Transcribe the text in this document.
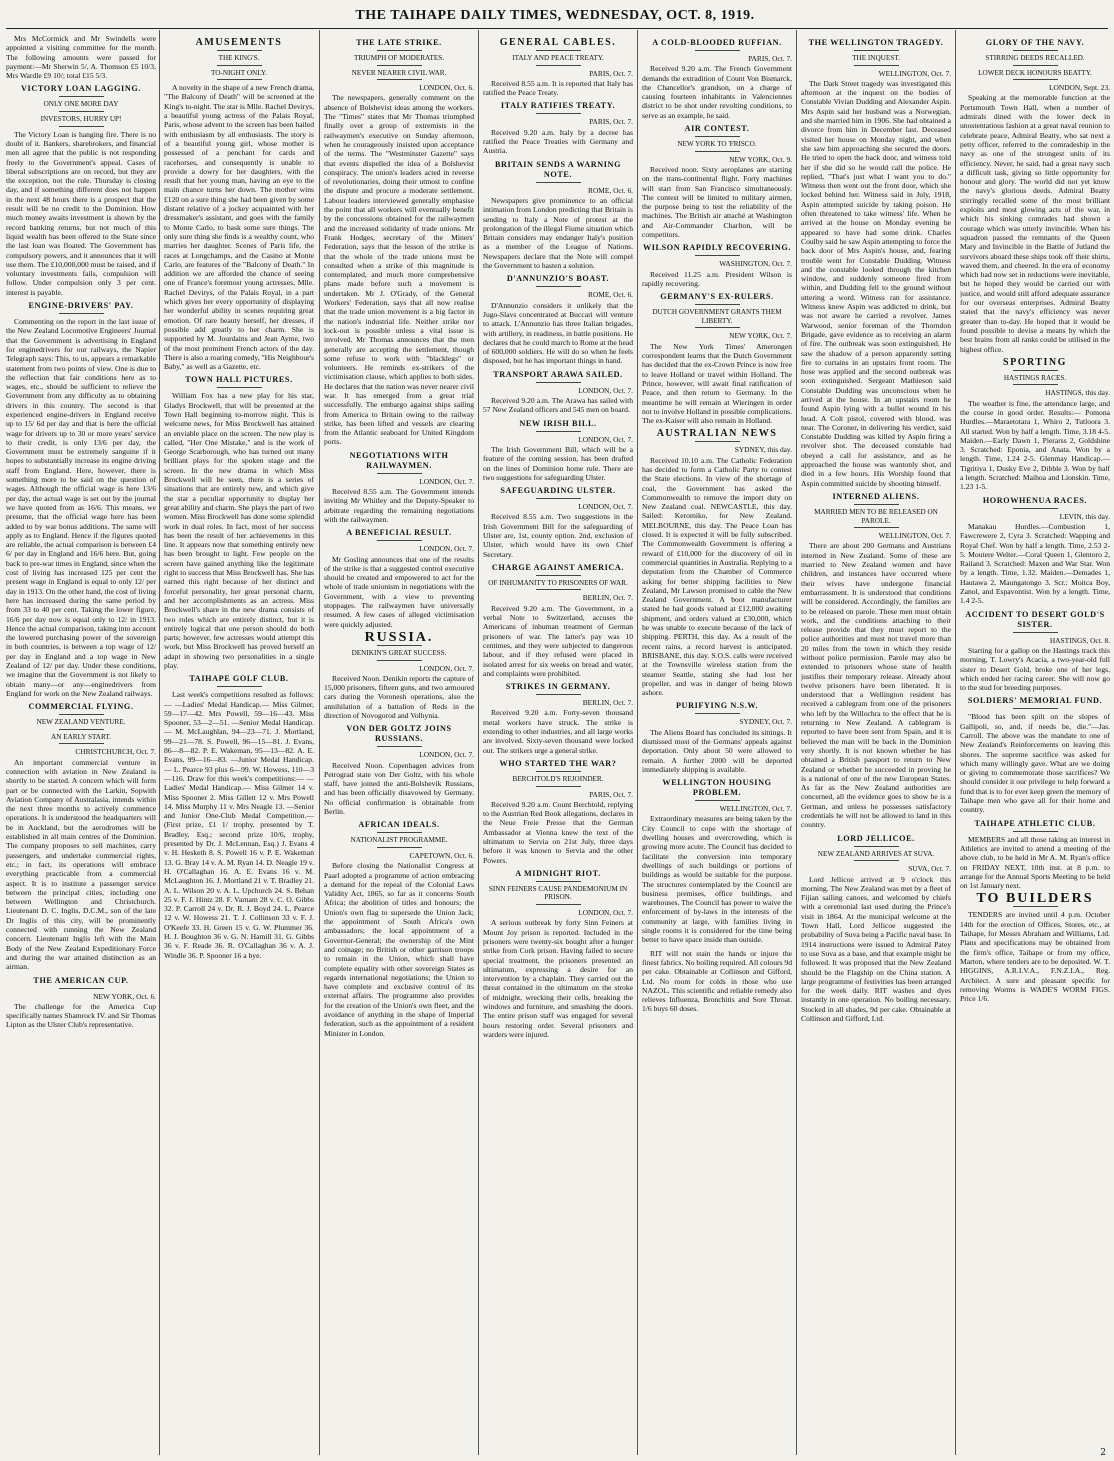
THE TAIHAPE DAILY TIMES, WEDNESDAY, OCT. 8, 1919.

Mrs McCormick and Mr Swindells were appointed a visiting committee for the month. The following amounts were passed for payment:—Mr Sherwin 5/, A. Thomson £5 10/3, Mrs Wardle £9 10/; total £15 5/3.

VICTORY LOAN LAGGING.
ONLY ONE MORE DAY
INVESTORS, HURRY UP!

The Victory Loan is hanging fire. There is no doubt of it. Bankers, sharebrokers, and financial men all agree that the public is not responding freely to the Government's appeal. Cases of liberal subscriptions are on record, but they are the exception, not the rule. Thursday is closing day, and if something different does not happen in the next 48 hours there is a prospect that the result will be no credit to the Dominion. How much money awaits investment is shown by the record banking returns, but not much of this liquid wealth has been offered to the State since the last loan was floated. The Government has compulsory powers, and it announces that it will use them. The £10,000,000 must be raised, and if voluntary investments fails, compulsion will follow. Under compulsion only 3 per cent. interest is payable.

ENGINE-DRIVERS' PAY.

Commenting on the report in the last issue of the New Zealand Locomotive Engineers' Journal that the Government is advertising in England for enginedrivers for our railways, the Napier Telegraph says: This, to us, appears a remarkable statement from two points of view. One is due to the reflection that fair conditions here as to wages, etc., should be sufficient to relieve the Government from any difficulty as to obtaining drivers in this country. The second is that experienced engine-drivers in England receive up to 15/ 6d per day and that is here the official wage for drivers up to 30 or more years' service to their credit, is only 13/6 per day, the Government must be extremely sanguine if it hopes to substantially increase its engine driving staff from England. Here, however, there is something more to be said on the question of wages. Although the official wage is here 13/6 per day, the actual wage is set out by the journal we have quoted from as 16/6. This means, we presume, that the official wage here has been added to by war bonus additions. The same will apply as to England. Hence if the figures quoted are reliable, the actual comparison is between £4 6/ per day in England and 16/6 here. But, going back to pre-war times in England, since when the cost of living has increased 125 per cent the present wage in England is equal to only 12/ per day in 1913. On the other hand, the cost of living here has increased during the same period by from 33 to 40 per cent. Taking the lower figure, 16/6 per day now is equal only to 12/ in 1913. Hence the actual comparison, taking into account the lowered purchasing power of the sovereign in both countries, is between a top wage of 12/ per day in England and a top wage in New Zealand of 12/ per day. Under these conditions, we imagine that the Government is not likely to obtain many—or any—enginedrivers from England for work on the New Zealand railways.

COMMERCIAL FLYING.
NEW ZEALAND VENTURE.
AN EARLY START.
CHRISTCHURCH, Oct. 7.

An important commercial venture in connection with aviation in New Zealand is shortly to be started. A concern which will form part or be connected with the Larkin, Sopwith Aviation Company of Australasia, intends within the next three months to actively commence operations. It is understood the headquarters will be in Auckland, but the aerodromes will be established in all main centres of the Dominion. The company proposes to sell machines, carry passengers, and undertake commercial rights, etc.; in fact, its operations will embrace everything practicable from a commercial aspect. It is to institute a passenger service between the principal cities, including one between Wellington and Christchurch. Lieutenant D. C. Inglis, D.C.M., son of the late Dr Inglis of this city, will be prominently connected with running the New Zealand concern. Lieutenant Inglis left with the Main Body of the New Zealand Expeditionary Force and during the war attained distinction as an airman.

THE AMERICAN CUP.
NEW YORK, Oct. 6.

The challenge for the America Cup specifically names Shamrock IV. and Sir Thomas Lipton as the Ulster Club's representative.

AMUSEMENTS
THE KING'S.
TO-NIGHT ONLY.

A novelty in the shape of a new French drama, "The Balcony of Death" will be screened at the King's to-night. The star is Mlle. Rachel Devirys, a beautiful young actress of the Palais Royal, Paris, whose advent to the screen has been hailed with enthusiasm by all enthusiasts. The story is of a beautiful young girl, whose mother is possessed of a penchant for cards and racehorses, and consequently is unable to provide a dowry for her daughters, with the result that her young man, having an eye to the main chance turns her down. The mother wins £120 on a sure thing she had been given by some distant relative of a jockey acquainted with her dressmaker's assistant, and goes with the family to Monte Carlo, to bask some sure things. The only sure thing she finds is a wealthy count, who marries her daughter. Scenes of Paris life, the races at Longchamps, and the Casino at Monte Carlo, are features of the "Balcony of Death." In addition we are afforded the chance of seeing one of France's foremost young actresses, Mlle. Rachel Devirys, of the Palais Royal, in a part which gives her every opportunity of displaying her wonderful ability in scenes requiring great emotion. Of rare beauty herself, her dresses, if possible add greatly to her charm. She is supported by M. Jourdains and Jean Ayme, two of the most prominent French actors of the day. There is also a roaring comedy, "His Neighbour's Baby," as well as a Gazette, etc.

TOWN HALL PICTURES.

William Fox has a new play for his star, Gladys Brockwell, that will be presented at the Town Hall beginning to-morrow night. This is welcome news, for Miss Brockwell has attained an enviable place on the screen. The new play is called, "Her One Mistake," and is the work of George Scarborough, who has turned out many brilliant plays for the spoken stage and the screen. In the new drama in which Miss Brockwell will be seen, there is a series of situations that are entirely new, and which give the star a peculiar opportunity to display her great ability and charm. She plays the part of two women. Miss Brockwell has done some splendid work in dual roles. In fact, most of her success has been the result of her achievements in this line. It appears now that something entirely new has been brought to light. Few people on the screen have gained anything like the legitimate right to success that Miss Brockwell has. She has earned this right because of her distinct and forceful personality, her great personal charm, and her accomplishments as an actress. Miss Brockwell's share in the new drama consists of two roles which are entirely distinct, but it is entirely logical that one person should do both parts; however, few actresses would attempt this work, but Miss Brockwell has proved herself an adapt in showing two personalities in a single play.

TAIHAPE GOLF CLUB.

Last week's competitions resulted as follows:— —Ladies' Medal Handicap.— Miss Gilmer, 59—17—42. Mrs Powell, 59—16—43. Miss Spooner, 53—2—51. —Senior Medal Handicap.— M. McLaughlan, 94—23—71. J. Mortland, 99—21—78. S. Powell, 96—15—81. J. Evans, 86—8—82. P. E. Wakeman, 95—13—82. A. E. Evans, 99—16—83. —Junior Medal Handicap.— L. Pearce 93 plus 6—99. W. Howess, 110—3—116. Draw for this week's competitions:— —Ladies' Medal Handicap.— Miss Gilmer 14 v. Miss Spooner 2. Miss Gillett 12 v. Mrs Powell 14. Miss Murphy 11 v. Mrs Neagle 13. —Senior and Junior One-Club Medal Competition.— (First prize, £1 1/ trophy, presented by T. Bradley, Esq.; second prize 10/6, trophy, presented by Dr. J. McLennan, Esq.) J. Evans 4 v. H. Hesketh 8. S. Powell 16 v. P. E. Wakeman 13. G. Bray 14 v. A. M. Ryan 14. D. Neagle 19 v. H. O'Callaghan 16. A. E. Evans 16 v. M. McLaughton 16. J. Mortland 21 v. T. Bradley 21. A. L. Wilson 20 v. A. L. Upchurch 24. S. Behan 25 v. F. J. Hintz 28. F. Varnam 28 v. C. O. Gibbs 32. P. Carroll 24 v. Dr. R. J. Boyd 24. L. Pearce 12 v. W. Howess 21. T. J. Collinson 33 v. F. J. O'Keefe 33. H. Green 15 v. G. W. Plummer 36. H. J. Boughton 36 v. G. N. Hamill 31. G. Gibbs 36 v. F. Reade 36. R. O'Callaghan 36 v. A. J. Windle 36. P. Spooner 16 a bye.

THE LATE STRIKE.
TRIUMPH OF MODERATES.
NEVER NEARER CIVIL WAR.
LONDON, Oct. 6.

The newspapers, generally comment on the absence of Bolshevist ideas among the workers. The "Times" states that Mr Thomas triumphed finally over a group of extremists in the railwaymen's executive on Sunday afternoon, when he courageously insisted upon acceptance of the terms. The "Westminster Gazette" says that events dispelled the idea of a Bolshevist conspiracy. The union's leaders acted in reverse of revolutionaries, doing their utmost to confine the dispute and procure a moderate settlement. Labour leaders interviewed generally emphasise the point that all workers will eventually benefit by the concessions obtained for the railwaymen and the increased solidarity of trade unions. Mr Frank Hodges, secretary of the Miners' Federation, says that the lesson of the strike is that the whole of the trade unions must be consulted when a strike of this magnitude is contemplated, and much more comprehensive plans made before such a movement is undertaken. Mr J. O'Grady, of the General Workers' Federation, says that all now realise that the trade union movement is a big factor in the nation's industrial life. Neither strike nor lock-out is possible unless a vital issue is involved. Mr Thomas announces that the men generally are accepting the settlement, though some refuse to work with "blacklegs" or volunteers. He reminds ex-strikers of the victimisation clause, which applies to both sides. He declares that the nation was never nearer civil war. It has emerged from a great trial successfully. The embargo against ships sailing from America to Britain owing to the railway strike, has been lifted and vessels are clearing from the Atlantic seaboard for United Kingdom ports.

NEGOTIATIONS WITH RAILWAYMEN.
LONDON, Oct. 7.

Received 8.55 a.m. The Government intends inviting Mr Whitley and the Deputy-Speaker to arbitrate regarding the remaining negotiations with the railwaymen.

A BENEFICIAL RESULT.
LONDON, Oct. 7.

Mr Gosling announces that one of the results of the strike is that a suggested control executive should be created and empowered to act for the whole of trade unionism in negotiations with the Government, with a view to preventing stoppages. The railwaymen have universally resumed. A few cases of alleged victimisation were quickly adjusted.

RUSSIA.
DENIKIN'S GREAT SUCCESS.
LONDON, Oct. 7.

Received Noon. Denikin reports the capture of 15,000 prisoners, fifteen guns, and two armoured cars during the Voronesh operations, also the annihilation of a battalion of Reds in the direction of Novogorod and Volhynia.

VON DER GOLTZ JOINS RUSSIANS.
LONDON, Oct. 7.

Received Noon. Copenhagen advices from Petrograd state von Der Goltz, with his whole staff, have joined the anti-Bolshevik Russians, and has been officially disavowed by Germany. No official confirmation is obtainable from Berlin.

AFRICAN IDEALS.
NATIONALIST PROGRAMME.
CAPETOWN, Oct. 6.

Before closing the Nationalist Congress at Paarl adopted a programme of action embracing a demand for the repeal of the Colonial Laws Validity Act, 1865, so far as it concerns South Africa; the abolition of titles and honours; the Union's own flag to supersede the Union Jack; the appointment of South Africa's own ambassadors; the local appointment of a Governor-General; the ownership of the Mint and coinage; no British or other garrison troops to remain in the Union, which shall have complete equality with other sovereign States as regards international negotiations; the Union to have complete and exclusive control of its external affairs. The programme also provides for the creation of the Union's own fleet, and the avoidance of anything in the shape of Imperial federation, such as the appointment of a resident Minister in London.

GENERAL CABLES.
ITALY AND PEACE TREATY.
PARIS, Oct. 7.

Received 8.55 a.m. It is reported that Italy has ratified the Peace Treaty.

ITALY RATIFIES TREATY.
PARIS, Oct. 7.

Received 9.20 a.m. Italy by a decree has ratified the Peace Treaties with Germany and Austria.

BRITAIN SENDS A WARNING NOTE.
ROME, Oct. 6.

Newspapers give prominence to an official intimation from London predicting that Britain is sending to Italy a Note of protest at the prolongation of the illegal Fiume situation which Britain considers may endanger Italy's position as a member of the League of Nations. Newspapers declare that the Note will compel the Government to hasten a solution.

D'ANNUNZIO'S BOAST.
ROME, Oct. 6.

D'Annunzio considers it unlikely that the Jugo-Slavs concentrated at Buccari will venture to attack. L'Annunzio has three Italian brigades, with artillery, in readiness, in battle positions. He declares that he could march to Rome at the head of 600,000 soldiers. He will do so when he feels disposed, but he has important things in hand.

TRANSPORT ARAWA SAILED.
LONDON, Oct. 7.

Received 9.20 a.m. The Arawa has sailed with 57 New Zealand officers and 545 men on board.

NEW IRISH BILL.
LONDON, Oct. 7.

The Irish Government Bill, which will be a feature of the coming session, has been drafted on the lines of Dominion home rule. There are two suggestions for safeguarding Ulster.

SAFEGUARDING ULSTER.
LONDON, Oct. 7.

Received 8.55 a.m. Two suggestions in the Irish Government Bill for the safeguarding of Ulster are, 1st, county option. 2nd, exclusion of Ulster, which would have its own Chief Secretary.

CHARGE AGAINST AMERICA.
OF INHUMANITY TO PRISONERS OF WAR.
BERLIN, Oct. 7.

Received 9.20 a.m. The Government, in a verbal Note to Switzerland, accuses the Americans of inhuman treatment of German prisoners of war. The latter's pay was 10 centimes, and they were subjected to dangerous labour, and if they refused were placed in isolated arrest for six weeks on bread and water, and complaints were prohibited.

STRIKES IN GERMANY.
BERLIN, Oct. 7.

Received 9.20 a.m. Forty-seven thousand metal workers have struck. The strike is extending to other industries, and all large works are involved. Sixty-seven thousand were locked out. The strikers urge a general strike.

WHO STARTED THE WAR?
BERCHTOLD'S REJOINDER.
PARIS, Oct. 7.

Received 9.20 a.m. Count Berchtold, replying to the Austrian Red Book allegations, declares in the Neue Freie Presse that the German Ambassador at Vienna knew the text of the ultimatum to Servia on 21st July, three days before it was known to Servia and the other Powers.

A MIDNIGHT RIOT.
SINN FEINERS CAUSE PANDEMONIUM IN PRISON.
LONDON, Oct. 7.

A serious outbreak by forty Sinn Feiners at Mount Joy prison is reported. Included in the prisoners were twenty-six bought after a hunger strike from Cork prison. Having failed to secure special treatment, the prisoners presented an ultimatum, expressing a desire for an intervention by a chaplain. They carried out the threat contained in the ultimatum on the stroke of midnight, wrecking their cells, breaking the windows and furniture, and smashing the doors. The entire prison staff was engaged for several hours restoring order. Several prisoners and warders were injured.

A COLD-BLOODED RUFFIAN.
PARIS, Oct. 7.

Received 9.20 a.m. The French Government demands the extradition of Count Von Bismarck, the Chancellor's grandson, on a charge of causing fourteen inhabitants in Valenciennes district to be shot under revolting conditions, to serve as an example, he said.

AIR CONTEST.
NEW YORK TO 'FRISCO.
NEW YORK, Oct. 9.

Received noon. Sixty aeroplanes are starting on the trans-continental flight. Forty machines will start from San Francisco simultaneously. The contest will be limited to military airmen, the purpose being to test the reliability of the machines. The British air attaché at Washington and Air-Commander Charlton, will be competitors.

WILSON RAPIDLY RECOVERING.
WASHINGTON, Oct. 7.

Received 11.25 a.m. President Wilson is rapidly recovering.

GERMANY'S EX-RULERS.
DUTCH GOVERNMENT GRANTS THEM LIBERTY.
NEW YORK, Oct. 7.

The New York Times' Amerongen correspondent learns that the Dutch Government has decided that the ex-Crown Prince is now free to leave Holland or travel within Holland. The Prince, however, will await final ratification of Peace, and then return to Germany. In the meantime he will remain at Wieringen in order not to involve Holland in possible complications. The ex-Kaiser will also remain in Holland.

AUSTRALIAN NEWS
SYDNEY, this day.

Received 10.10 a.m. The Catholic Federation has decided to form a Catholic Party to contest the State elections. In view of the shortage of coal, the Government has asked the Commonwealth to remove the import duty on New Zealand coal. NEWCASTLE, this day. Sailed: Keromiko, for New Zealand. MELBOURNE, this day. The Peace Loan has closed. It is expected it will be fully subscribed. The Commonwealth Government is offering a reward of £10,000 for the discovery of oil in commercial quantities in Australia. Replying to a deputation from the Chamber of Commerce asking for better shipping facilities to New Zealand, Mr Lawson promised to cable the New Zealand Government. A boot manufacturer stated he had goods valued at £12,000 awaiting shipment, and orders valued at £30,000, which he was unable to execute because of the lack of shipping. PERTH, this day. As a result of the recent rains, a record harvest is anticipated. BRISBANE, this day. S.O.S. calls were received at the Townsville wireless station from the steamer Seattle, stating she had lost her propeller, and was in danger of being blown ashore.

PURIFYING N.S.W.
SYDNEY, Oct. 7.

The Aliens Board has concluded its sittings. It dismissed most of the Germans' appeals against deportation. Only about 50 were allowed to remain. A further 2000 will be deported immediately shipping is available.

WELLINGTON HOUSING PROBLEM.
WELLINGTON, Oct. 7.

Extraordinary measures are being taken by the City Council to cope with the shortage of dwelling houses and overcrowding, which is growing more acute. The Council has decided to facilitate the conversion into temporary dwellings of such buildings or portions of buildings as would be suitable for the purpose. The structures contemplated by the Council are business premises, office buildings, and warehouses. The Council has power to waive the enforcement of by-laws in the interests of the community at large, with families living in single rooms it is considered for the time being better to have space inside than outside.

RIT will not stain the hands or injure the finest fabrics. No boiling required. All colours 9d per cake. Obtainable at Collinson and Gifford, Ltd. No room for colds in those who use NAZOL. This scientific and reliable remedy also relieves Influenza, Bronchitis and Sore Throat. 1/6 buys 60 doses.

THE WELLINGTON TRAGEDY.
THE INQUEST.
WELLINGTON, Oct. 7.

The Dark Street tragedy was investigated this afternoon at the inquest on the bodies of Constable Vivian Dudding and Alexander Aspin. Mrs Aspin said her husband was a Norwegian, and she married him in 1906. She had obtained a divorce from him in December last. Deceased visited her house on Monday night, and when she saw him approaching she secured the doors. He tried to open the back door, and witness told her if she did so he would call the police. He replied, "That's just what I want you to do." Witness then went out the front door, which she locked behind her. Witness said in July, 1918, Aspin attempted suicide by taking poison. He often threatened to take witness' life. When he arrived at the house on Monday evening he appeared to have had some drink. Charles Coulby said he saw Aspin attempting to force the back door of Mrs Aspin's house, and, fearing trouble went for Constable Dudding. Witness and the constable looked through the kitchen window, and suddenly someone fired from within, and Dudding fell to the ground without uttering a word. Witness ran for assistance. Witness knew Aspin was addicted to drink, but was not aware he carried a revolver. James Warwood, senior foreman of the Thorndon Brigade, gave evidence as to receiving an alarm of fire. The outbreak was soon extinguished. He saw the shadow of a person apparently setting fire to curtains in an upstairs front room. The hose was applied and the second outbreak was soon extinguished. Sergeant Mathieson said Constable Dudding was unconscious when he arrived at the house. In an upstairs room he found Aspin lying with a bullet wound in his head. A Colt pistol, covered with blood, was near. The Coroner, in delivering his verdict, said Constable Dudding was killed by Aspin firing a revolver shot. The deceased constable had obeyed a call for assistance, and as he approached the house was wantonly shot, and died in a few hours. His Worship found that Aspin committed suicide by shooting himself.

INTERNED ALIENS.
MARRIED MEN TO BE RELEASED ON PAROLE.
WELLINGTON, Oct. 7.

There are about 200 Germans and Austrians interned in New Zealand. Some of these are married to New Zealand women and have children, and instances have occurred where their wives have undergone financial embarrassment. It is understood that conditions will be considered. Accordingly, the families are to be released on parole. These men must obtain work, and the conditions attaching to their release provide that they must report to the police authorities and must not travel more than 20 miles from the town in which they reside without police permission. Parole may also be extended to prisoners whose state of health justifies their temporary release. Already about twelve prisoners have been liberated. It is understood that a Wellington resident has received a cablegram from one of the prisoners who left by the Willochra to the effect that he is returning to New Zealand. A cablegram is reported to have been sent from Spain, and it is believed the man will be back in the Dominion very shortly. It is not known whether he has obtained a British passport to return to New Zealand or whether he succeeded in proving he is a national of one of the new European States. As far as the New Zealand authorities are concerned, all the evidence goes to show he is a German, and unless he possesses satisfactory credentials he will not be allowed to land in this country.

LORD JELLICOE.
NEW ZEALAND ARRIVES AT SUVA.
SUVA, Oct. 7.

Lord Jellicoe arrived at 9 o'clock this morning. The New Zealand was met by a fleet of Fijian sailing canoes, and welcomed by chiefs with a ceremonial last used during the Prince's visit in 1864. At the municipal welcome at the Town Hall, Lord Jellicoe suggested the probability of Suva being a Pacific naval base. In 1914 instructions were issued to Admiral Patey to use Suva as a base, and that example might be followed. It was proposed that the New Zealand should be the Flagship on the China station. A large programme of festivities has been arranged for the week daily. RIT washes and dyes instantly in one operation. No boiling necessary. Stocked in all shades, 9d per cake. Obtainable at Collinson and Gifford, Ltd.

GLORY OF THE NAVY.
STIRRING DEEDS RECALLED.
LOWER DECK HONOURS BEATTY.
LONDON, Sept. 23.

Speaking at the memorable function at the Portsmouth Town Hall, when a number of admirals dined with the lower deck in unostentatious fashion at a great naval reunion to celebrate peace, Admiral Beatty, who sat next a petty officer, referred to the comradeship in the navy as one of the strongest units of its efficiency. Never, he said, had a great navy such a difficult task, giving so little opportunity for honour and glory. The world did not yet know the navy's glorious deeds. Admiral Beatty stirringly recalled some of the most brilliant exploits and most glowing acts of the war, in which his sinking comrades had shown a courage which was utterly invincible. When his squadron passed the remnants of the Queen Mary and Invincible in the Battle of Jutland the survivors aboard these ships took off their shirts, waved them, and cheered. In the era of economy which had now set in reductions were inevitable, but he hoped they would be carried out with justice, and would still afford adequate assurance for our overseas enterprises. Admiral Beatty stated that the navy's efficiency was never greater than to-day. He hoped that it would be found possible to devise a means by which the best brains from all ranks could be utilised in the highest office.

SPORTING
HASTINGS RACES.
HASTINGS, this day.

The weather is fine, the attendance large, and the course in good order. Results:— Pomona Hurdles.—Maraetotara 1, Whiro 2, Tutloora 3. All started. Won by half a length. Time, 3.18 4-5. Maiden.—Early Dawn 1, Pierarss 2, Goldshine 3. Scratched: Eponia, and Anata. Won by a length. Time, 1.24 2-5. Glenmay Handicap.—Tigritiya 1, Dusky Eve 2, Dibble 3. Won by half a length. Scratched: Maihoa and Lionskin. Time, 1.23 1-5.

HOROWHENUA RACES.
LEVIN, this day.

Manakau Hurdles.—Combustion 1, Fawcrewere 2, Cyra 3. Scratched: Wapping and Royal Chef. Won by half a length. Time, 2.53 2-5. Moutere Welter.—Coral Queen 1, Glentoro 2, Railand 3. Scratched: Maxen and War Star. Won by a length. Time, 1.32. Maiden.—Demades 1, Hautawa 2, Maungatongo 3. Scr.: Moitca Boy, Zanol, and Espavontist. Won by a length. Time, 1.4 2-5.

ACCIDENT TO DESERT GOLD'S SISTER.
HASTINGS, Oct. 8.

Starting for a gallop on the Hastings track this morning, T. Lowry's Acacia, a two-year-old full sister to Desert Gold, broke one of her legs, which ended her racing career. She will now go to the stud for breeding purposes.

SOLDIERS' MEMORIAL FUND.

"Blood has been spilt on the slopes of Gallipoli, so, and, if needs be, die."—Jas. Carroll. The above was the mandate to one of New Zealand's Reinforcements on leaving this shores. The supreme sacrifice was asked for which many willingly gave. What are we doing or giving to commemorate those sacrifices? We should consider it our privilege to help forward a fund that is to for ever keep green the memory of Taihape men who gave all for their home and country.

TAIHAPE ATHLETIC CLUB.

MEMBERS and all those taking an interest in Athletics are invited to attend a meeting of the above club, to be held in Mr A. M. Ryan's office on FRIDAY NEXT, 10th inst. at 8 p.m. to arrange for the Annual Sports Meeting to be held on 1st January next.

TO BUILDERS

TENDERS are invited until 4 p.m. October 14th for the erection of Offices, Stores, etc., at Taihape, for Messrs Abraham and Williams, Ltd. Plans and specifications may be obtained from the firm's office, Taihape or from my office, Marton, where tenders are to be deposited. W. T. HIGGINS, A.R.I.V.A., F.N.Z.I.A., Reg. Architect. A sure and pleasant specific for removing Worms is WADE'S WORM FIGS. Price 1/6.

2
